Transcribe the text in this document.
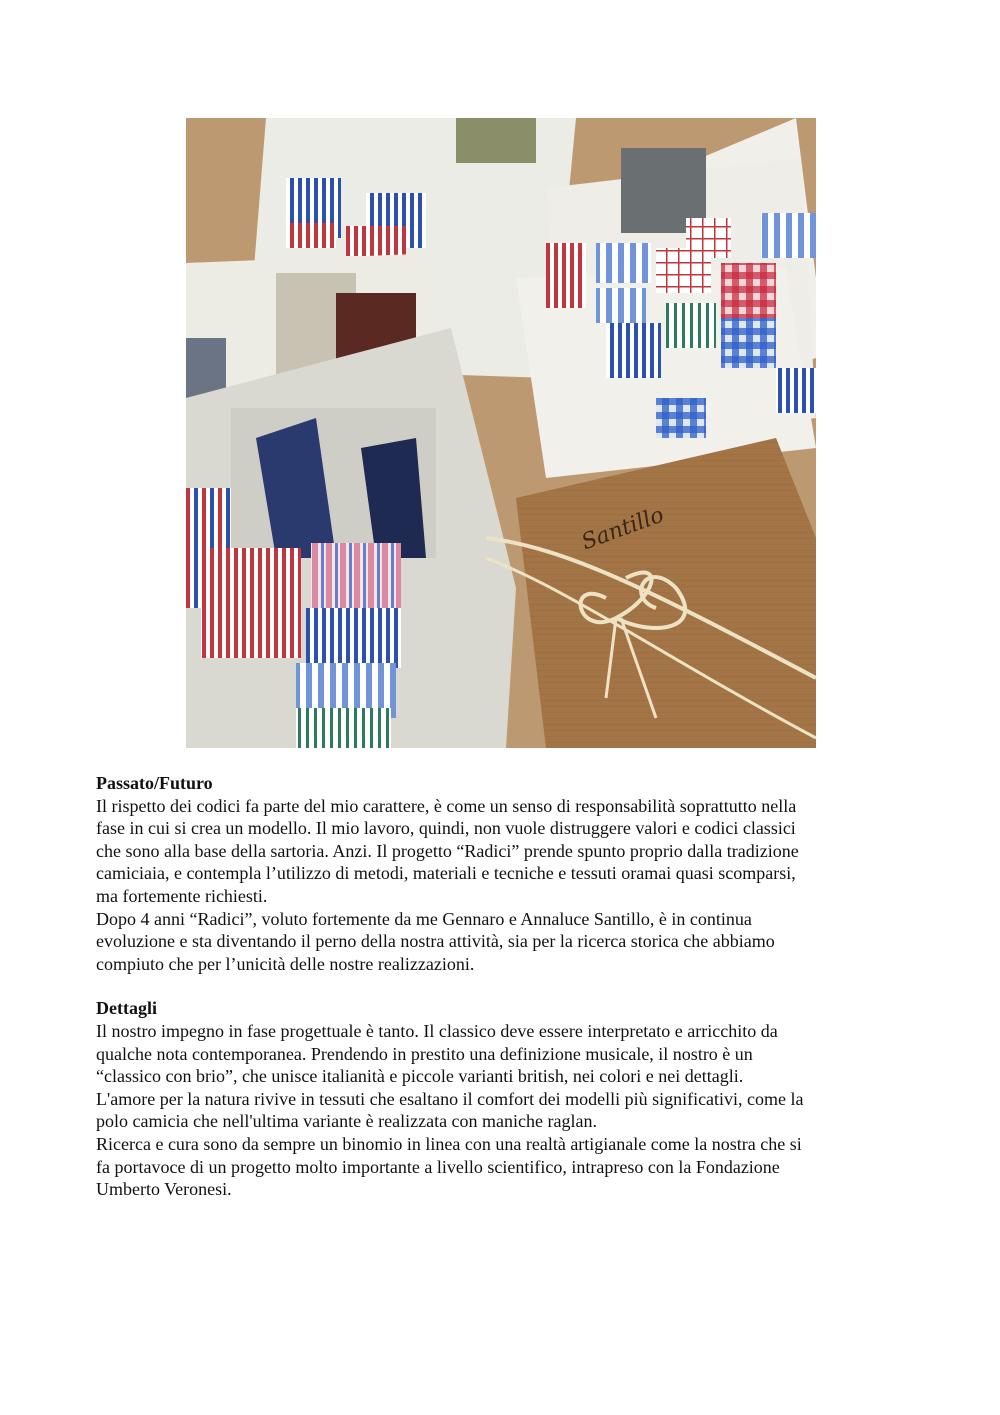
Santillo

Passato/Futuro

Il rispetto dei codici fa parte del mio carattere, è come un senso di responsabilità soprattutto nella
fase in cui si crea un modello. Il mio lavoro, quindi, non vuole distruggere valori e codici classici
che sono alla base della sartoria. Anzi. Il progetto “Radici” prende spunto proprio dalla tradizione
camiciaia, e contempla l’utilizzo di metodi, materiali e tecniche e tessuti oramai quasi scomparsi,
ma fortemente richiesti.
Dopo 4 anni “Radici”, voluto fortemente da me Gennaro e Annaluce Santillo, è in continua
evoluzione e sta diventando il perno della nostra attività, sia per la ricerca storica che abbiamo
compiuto che per l’unicità delle nostre realizzazioni.

Dettagli

Il nostro impegno in fase progettuale è tanto. Il classico deve essere interpretato e arricchito da
qualche nota contemporanea. Prendendo in prestito una definizione musicale, il nostro è un
“classico con brio”, che unisce italianità e piccole varianti british, nei colori e nei dettagli.
L'amore per la natura rivive in tessuti che esaltano il comfort dei modelli più significativi, come la
polo camicia che nell'ultima variante è realizzata con maniche raglan.
Ricerca e cura sono da sempre un binomio in linea con una realtà artigianale come la nostra che si
fa portavoce di un progetto molto importante a livello scientifico, intrapreso con la Fondazione
Umberto Veronesi.
